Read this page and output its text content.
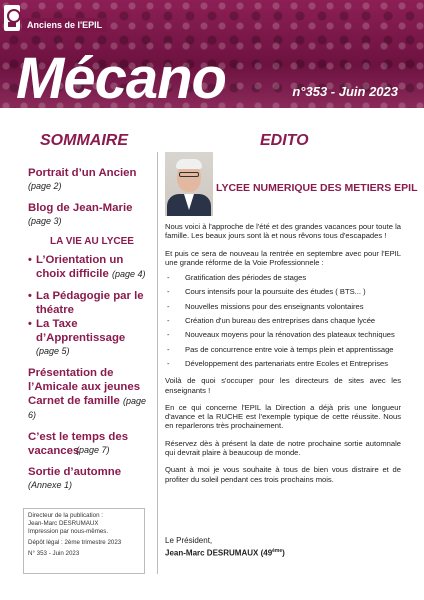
Anciens de l'EPIL
Mécano	n°353 - Juin 2023
SOMMAIRE
Portrait d’un Ancien
(page 2)
Blog de Jean-Marie
(page 3)
LA VIE AU LYCEE
• L’Orientation un choix difficile (page 4)
• La Pédagogie par le théatre
• La Taxe d’Apprentissage
(page 5)
Présentation de l’Amicale aux jeunes
Carnet de famille (page 6)
C’est le temps des vacances
(page 7)
Sortie d’automne
(Annexe 1)

Directeur de la publication :
Jean-Marc DESRUMAUX
Impression par nous-mêmes.

Dépôt légal : 2ème trimestre 2023

N° 353 - Juin 2023

EDITO
LYCEE NUMERIQUE DES METIERS EPIL

Nous voici à l'approche de l'été et des grandes vacances pour toute la famille. Les beaux jours sont là et nous rêvons tous d'escapades !

Et puis ce sera de nouveau la rentrée en septembre avec pour l'EPIL une grande réforme de la Voie Professionnele :

- Gratification des périodes de stages
- Cours intensifs pour la poursuite des études ( BTS... )
- Nouvelles missions pour des enseignants volontaires
- Création d'un bureau des entreprises dans chaque lycée
- Nouveaux moyens pour la rénovation des plateaux techniques
- Pas de concurrence entre voie à temps plein et apprentissage
- Développement des partenariats entre Ecoles et Entreprises

Voilà de quoi s'occuper pour les directeurs de sites avec les enseignants !

En ce qui concerne l'EPIL la Direction a déjà pris une longueur d'avance et la RUCHE est l'exemple typique de cette réussite. Nous en reparlerons très prochainement.

Réservez dès à présent la date de notre prochaine sortie automnale qui devrait plaire à beaucoup de monde.

Quant à moi je vous souhaite à tous de bien vous distraire et de profiter du soleil pendant ces trois prochains mois.

Le Président,
Jean-Marc DESRUMAUX (49ème)
